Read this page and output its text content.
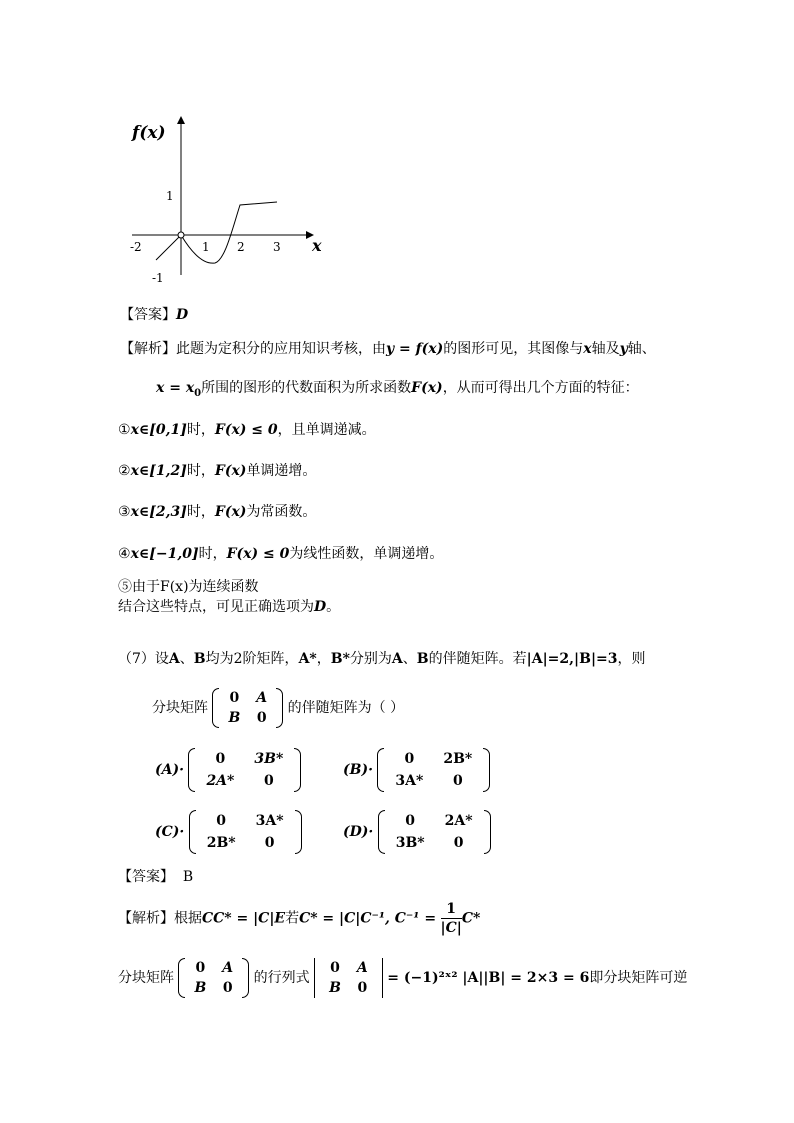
f(x)
x
-2	1 2 3
1
-1
【答案】D
【解析】此题为定积分的应用知识考核，由y = f(x)的图形可见，其图像与x轴及y轴、
$x = x_0$所围的图形的代数面积为所求函数F(x)，从而可得出几个方面的特征：
①x∈[0,1]时，F(x) ≤ 0，且单调递减。
②x∈[1,2]时，F(x)单调递增。
③x∈[2,3]时，F(x)为常函数。
④x∈[−1,0]时，F(x) ≤ 0为线性函数，单调递增。
⑤由于F(x)为连续函数
结合这些特点，可见正确选项为D。
（7）设A、B均为2阶矩阵，A*，B*分别为A、B的伴随矩阵。若|A|=2,|B|=3，则
分块矩阵
0	A
B	0
的伴随矩阵为（ ）
(A)·
0	3B*
2A*	0
(B)·
0	2B*
3A*	0
(C)·
0	3A*
2B*	0
(D)·
0	2A*
3B*	0
【答案】 B
【解析】根据CC* = |C|E若C* = |C|C⁻¹, $C^{-1} = \frac{1}{|C|} C*$
分块矩阵
0	A
B	0
的行列式
0	A
B	0
= (−1)²ˣ² |A||B| = 2×3 = 6即分块矩阵可逆
